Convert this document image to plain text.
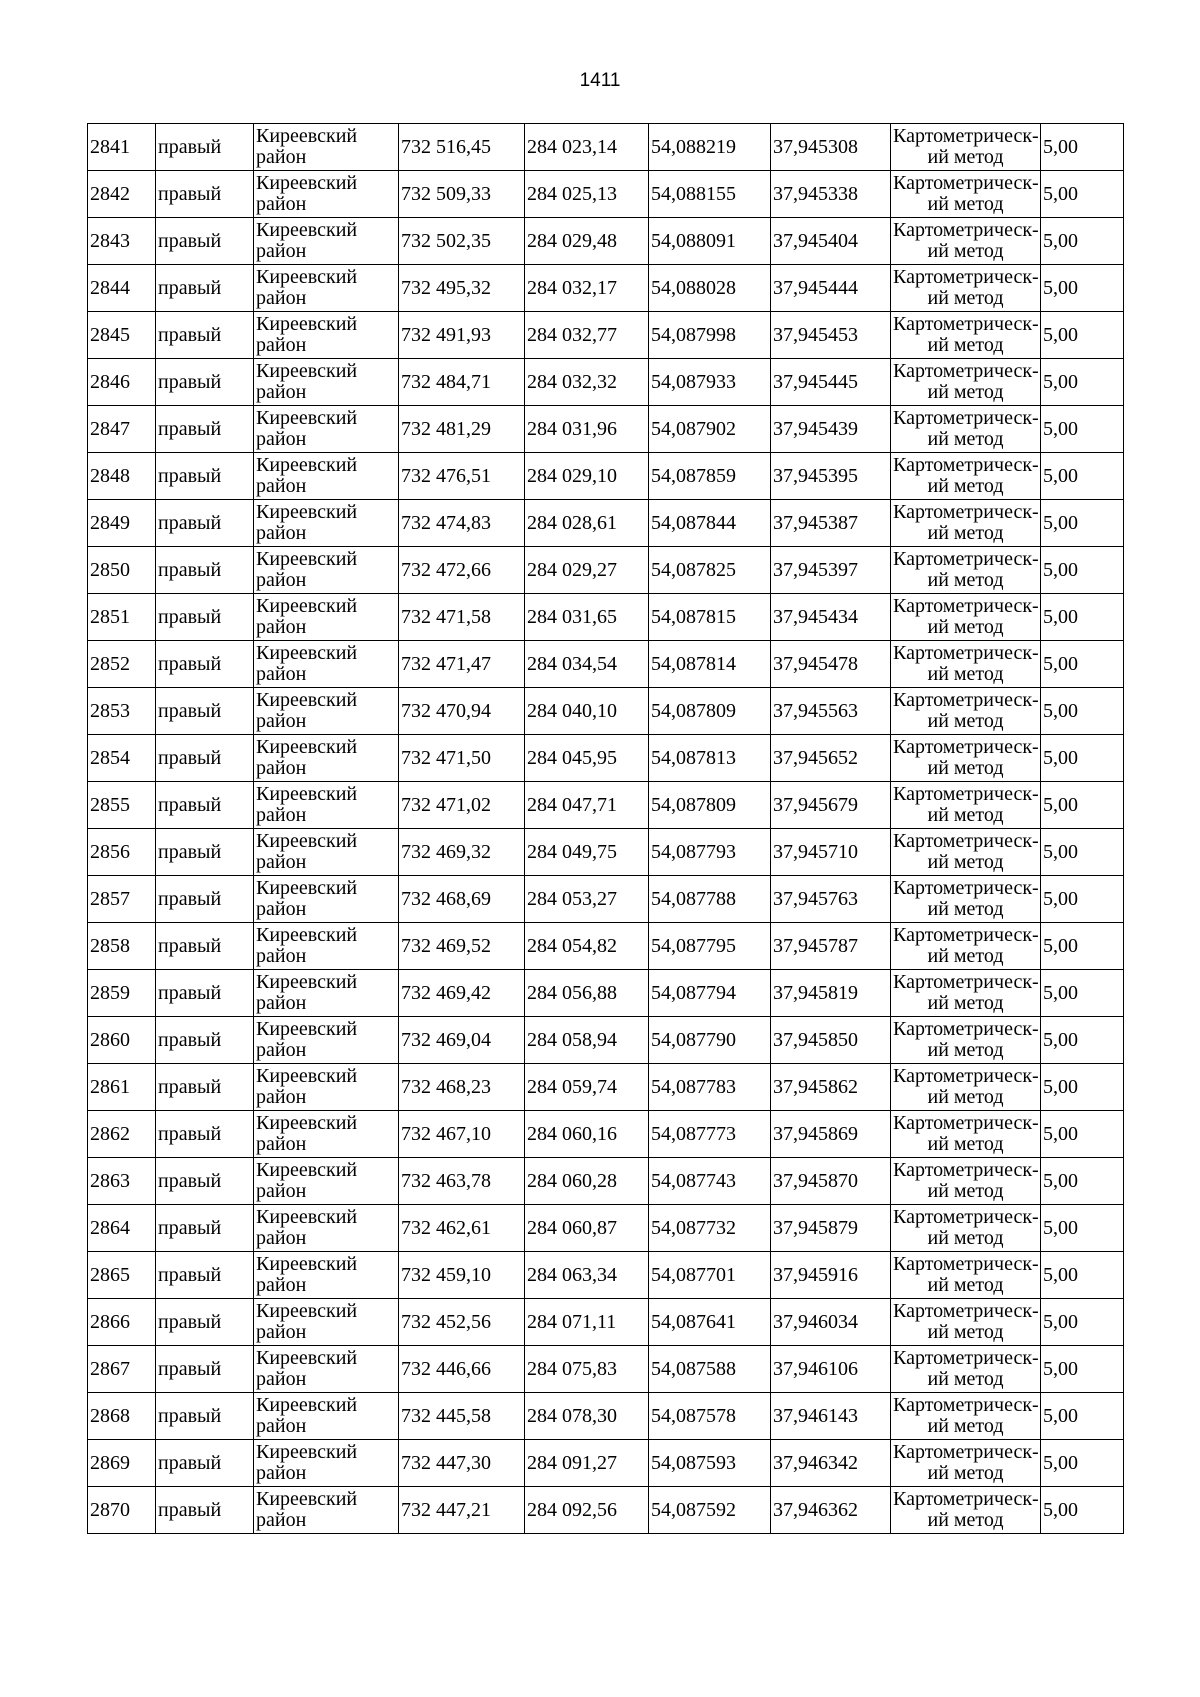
1411
2841	правый	Киреевский район	732 516,45	284 023,14	54,088219	37,945308	Картометрический метод	5,00
2842	правый	Киреевский район	732 509,33	284 025,13	54,088155	37,945338	Картометрический метод	5,00
2843	правый	Киреевский район	732 502,35	284 029,48	54,088091	37,945404	Картометрический метод	5,00
2844	правый	Киреевский район	732 495,32	284 032,17	54,088028	37,945444	Картометрический метод	5,00
2845	правый	Киреевский район	732 491,93	284 032,77	54,087998	37,945453	Картометрический метод	5,00
2846	правый	Киреевский район	732 484,71	284 032,32	54,087933	37,945445	Картометрический метод	5,00
2847	правый	Киреевский район	732 481,29	284 031,96	54,087902	37,945439	Картометрический метод	5,00
2848	правый	Киреевский район	732 476,51	284 029,10	54,087859	37,945395	Картометрический метод	5,00
2849	правый	Киреевский район	732 474,83	284 028,61	54,087844	37,945387	Картометрический метод	5,00
2850	правый	Киреевский район	732 472,66	284 029,27	54,087825	37,945397	Картометрический метод	5,00
2851	правый	Киреевский район	732 471,58	284 031,65	54,087815	37,945434	Картометрический метод	5,00
2852	правый	Киреевский район	732 471,47	284 034,54	54,087814	37,945478	Картометрический метод	5,00
2853	правый	Киреевский район	732 470,94	284 040,10	54,087809	37,945563	Картометрический метод	5,00
2854	правый	Киреевский район	732 471,50	284 045,95	54,087813	37,945652	Картометрический метод	5,00
2855	правый	Киреевский район	732 471,02	284 047,71	54,087809	37,945679	Картометрический метод	5,00
2856	правый	Киреевский район	732 469,32	284 049,75	54,087793	37,945710	Картометрический метод	5,00
2857	правый	Киреевский район	732 468,69	284 053,27	54,087788	37,945763	Картометрический метод	5,00
2858	правый	Киреевский район	732 469,52	284 054,82	54,087795	37,945787	Картометрический метод	5,00
2859	правый	Киреевский район	732 469,42	284 056,88	54,087794	37,945819	Картометрический метод	5,00
2860	правый	Киреевский район	732 469,04	284 058,94	54,087790	37,945850	Картометрический метод	5,00
2861	правый	Киреевский район	732 468,23	284 059,74	54,087783	37,945862	Картометрический метод	5,00
2862	правый	Киреевский район	732 467,10	284 060,16	54,087773	37,945869	Картометрический метод	5,00
2863	правый	Киреевский район	732 463,78	284 060,28	54,087743	37,945870	Картометрический метод	5,00
2864	правый	Киреевский район	732 462,61	284 060,87	54,087732	37,945879	Картометрический метод	5,00
2865	правый	Киреевский район	732 459,10	284 063,34	54,087701	37,945916	Картометрический метод	5,00
2866	правый	Киреевский район	732 452,56	284 071,11	54,087641	37,946034	Картометрический метод	5,00
2867	правый	Киреевский район	732 446,66	284 075,83	54,087588	37,946106	Картометрический метод	5,00
2868	правый	Киреевский район	732 445,58	284 078,30	54,087578	37,946143	Картометрический метод	5,00
2869	правый	Киреевский район	732 447,30	284 091,27	54,087593	37,946342	Картометрический метод	5,00
2870	правый	Киреевский район	732 447,21	284 092,56	54,087592	37,946362	Картометрический метод	5,00
